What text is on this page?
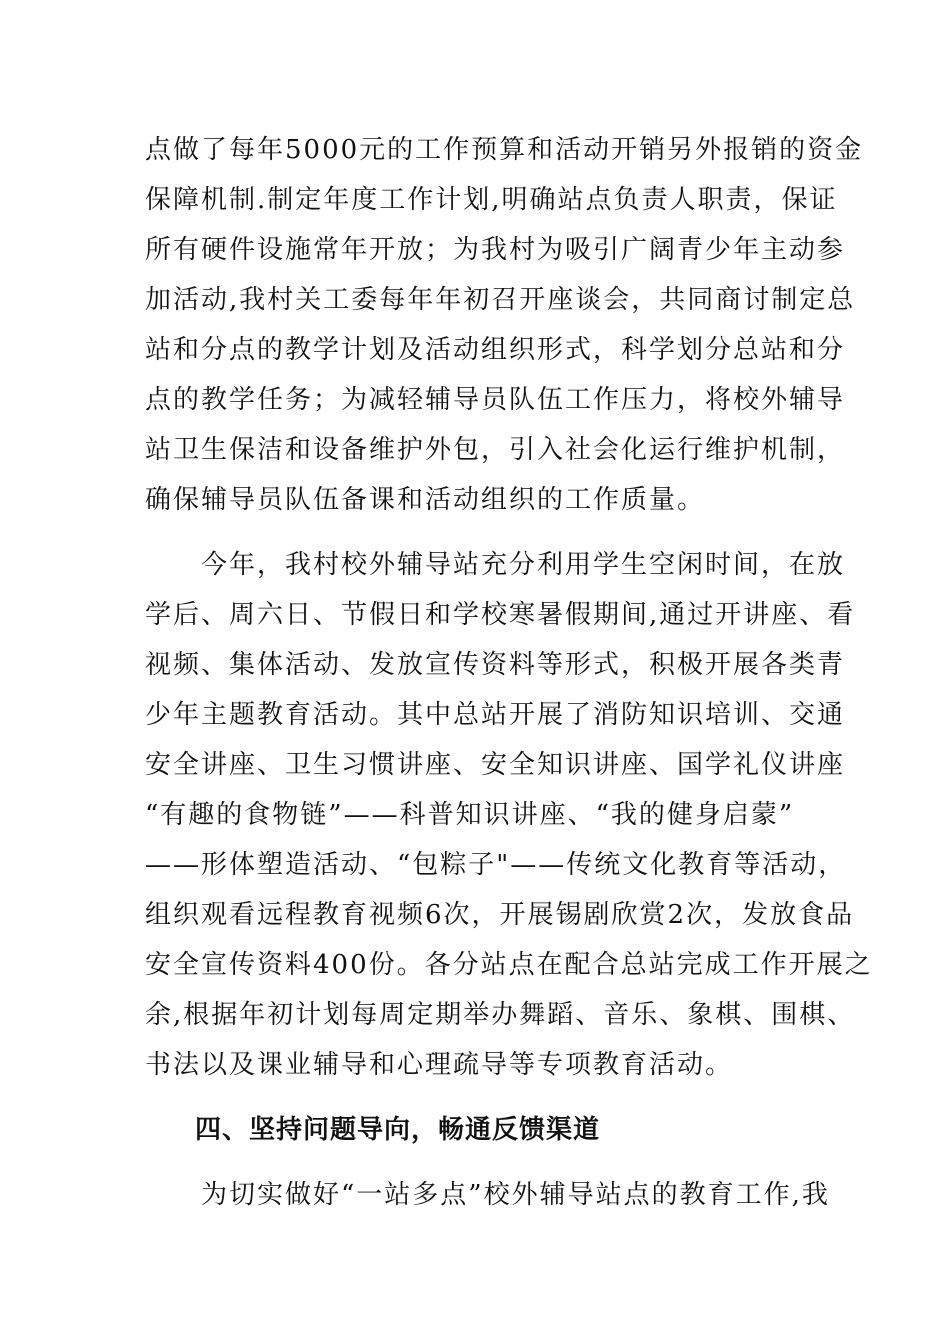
点做了每年5000元的工作预算和活动开销另外报销的资金
保障机制.制定年度工作计划,明确站点负责人职责，保证
所有硬件设施常年开放；为我村为吸引广阔青少年主动参
加活动,我村关工委每年年初召开座谈会，共同商讨制定总
站和分点的教学计划及活动组织形式，科学划分总站和分
点的教学任务；为减轻辅导员队伍工作压力，将校外辅导
站卫生保洁和设备维护外包，引入社会化运行维护机制，
确保辅导员队伍备课和活动组织的工作质量。
　　今年，我村校外辅导站充分利用学生空闲时间，在放
学后、周六日、节假日和学校寒暑假期间,通过开讲座、看
视频、集体活动、发放宣传资料等形式，积极开展各类青
少年主题教育活动。其中总站开展了消防知识培训、交通
安全讲座、卫生习惯讲座、安全知识讲座、国学礼仪讲座
“有趣的食物链”——科普知识讲座、“我的健身启蒙”
——形体塑造活动、“包粽子"——传统文化教育等活动，
组织观看远程教育视频6次，开展锡剧欣赏2次，发放食品
安全宣传资料400份。各分站点在配合总站完成工作开展之
余,根据年初计划每周定期举办舞蹈、音乐、象棋、围棋、
书法以及课业辅导和心理疏导等专项教育活动。
四、坚持问题导向，畅通反馈渠道
　　为切实做好“一站多点”校外辅导站点的教育工作,我
